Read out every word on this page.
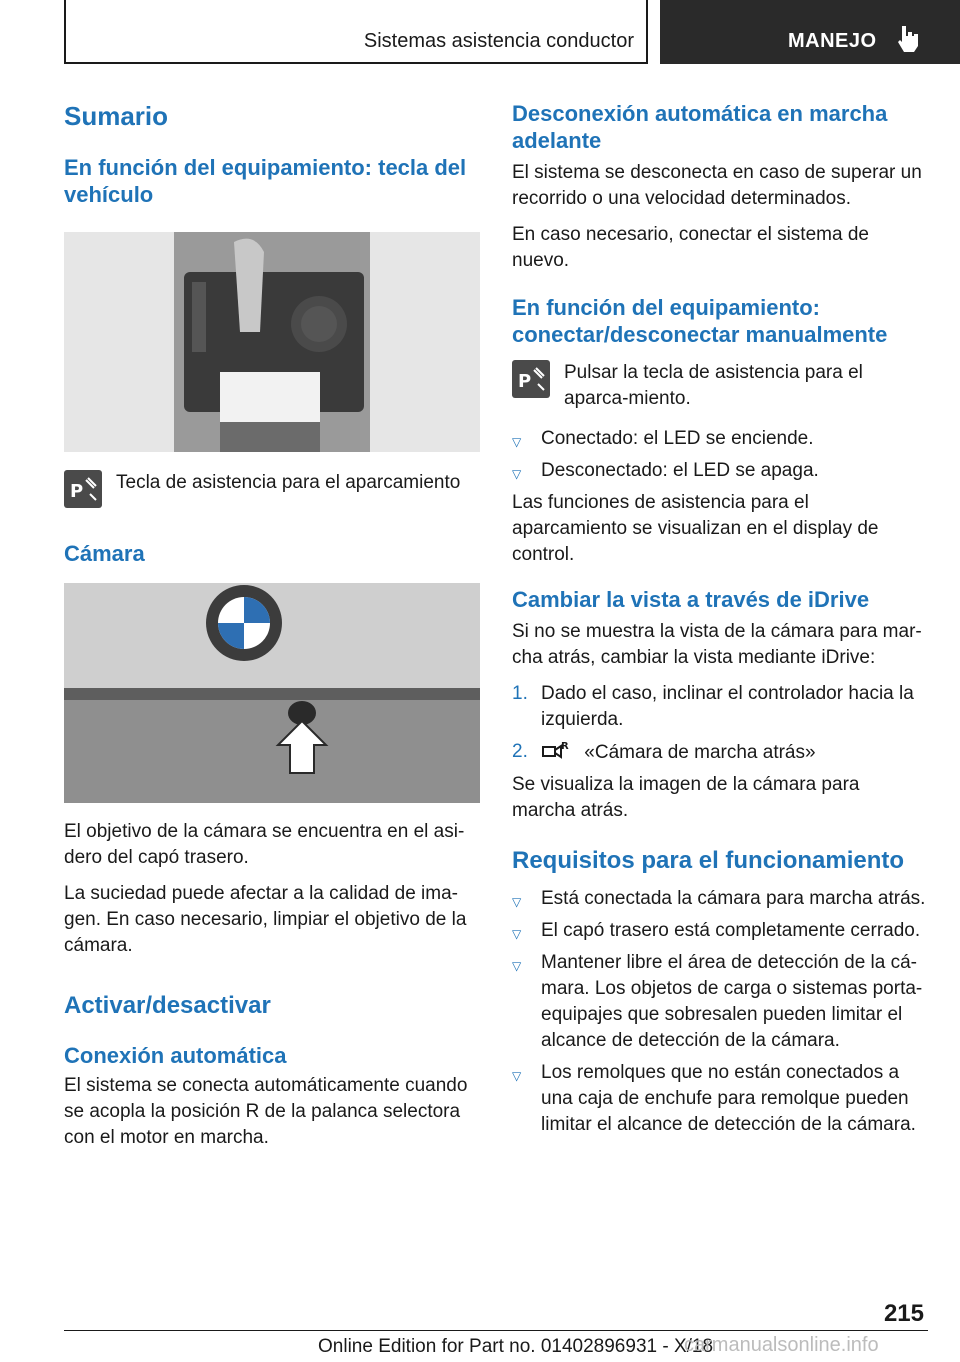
Sistemas asistencia conductor	MANEJO
Sumario
En función del equipamiento: tecla del vehículo
P Tecla de asistencia para el aparcamiento

Cámara

El objetivo de la cámara se encuentra en el asi-dero del capó trasero.

La suciedad puede afectar a la calidad de ima-gen. En caso necesario, limpiar el objetivo de la cámara.

Activar/desactivar
Conexión automática

El sistema se conecta automáticamente cuando se acopla la posición R de la palanca selectora con el motor en marcha.

Desconexión automática en marcha adelante

El sistema se desconecta en caso de superar un recorrido o una velocidad determinados.

En caso necesario, conectar el sistema de nuevo.

En función del equipamiento: conectar/desconectar manualmente
P Pulsar la tecla de asistencia para el aparca-miento.

▽ Conectado: el LED se enciende.
▽ Desconectado: el LED se apaga.

Las funciones de asistencia para el aparcamiento se visualizan en el display de control.

Cambiar la vista a través de iDrive

Si no se muestra la vista de la cámara para mar-cha atrás, cambiar la vista mediante iDrive:

1. Dado el caso, inclinar el controlador hacia la izquierda.
2.	R «Cámara de marcha atrás»

Se visualiza la imagen de la cámara para marcha atrás.

Requisitos para el funcionamiento
▽ Está conectada la cámara para marcha atrás.
▽ El capó trasero está completamente cerrado.
▽ Mantener libre el área de detección de la cá-mara. Los objetos de carga o sistemas porta-equipajes que sobresalen pueden limitar el alcance de detección de la cámara.
▽ Los remolques que no están conectados a una caja de enchufe para remolque pueden limitar el alcance de detección de la cámara.
215
Online Edition for Part no. 01402896931 - X/18
carmanualsonline.info
